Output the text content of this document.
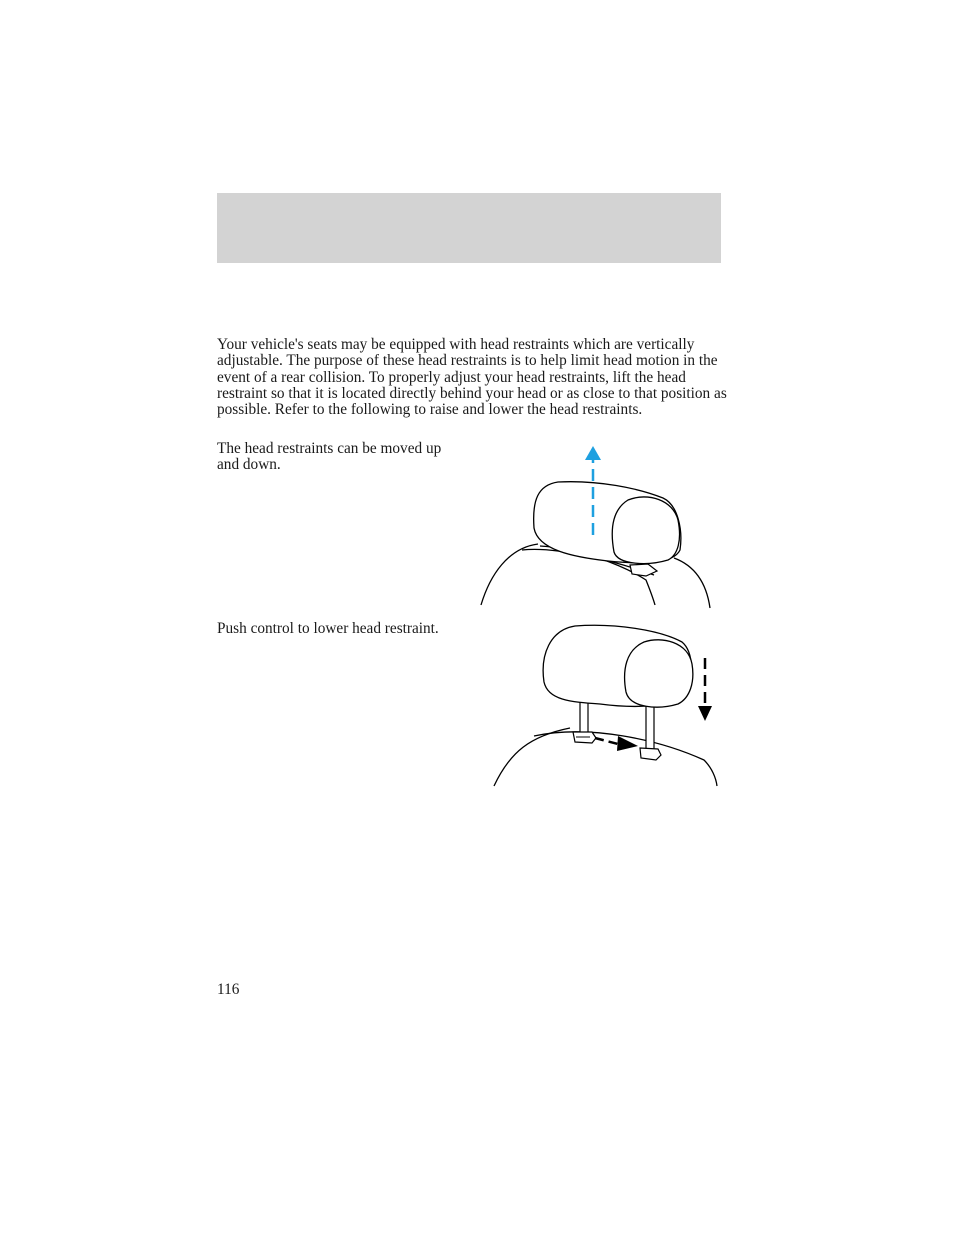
Your vehicle's seats may be equipped with head restraints which are vertically adjustable. The purpose of these head restraints is to help limit head motion in the event of a rear collision. To properly adjust your head restraints, lift the head restraint so that it is located directly behind your head or as close to that position as possible. Refer to the following to raise and lower the head restraints.

The head restraints can be moved up and down.

Push control to lower head restraint.

116
